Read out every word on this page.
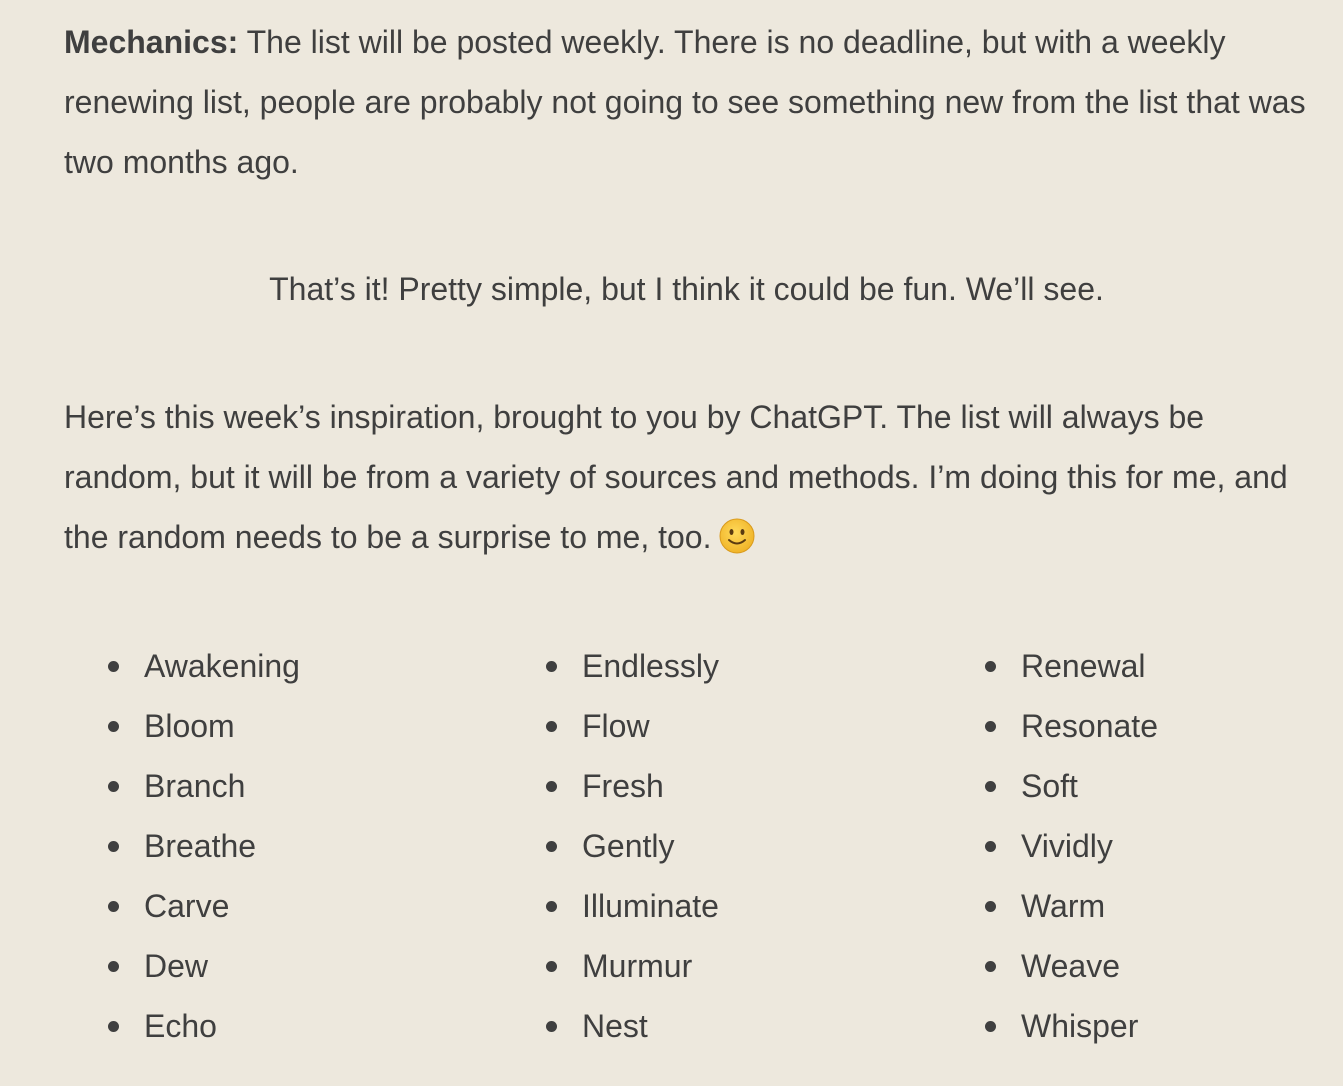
Mechanics: The list will be posted weekly. There is no deadline, but with a weekly renewing list, people are probably not going to see something new from the list that was two months ago.

That’s it! Pretty simple, but I think it could be fun. We’ll see.

Here’s this week’s inspiration, brought to you by ChatGPT. The list will always be random, but it will be from a variety of sources and methods. I’m doing this for me, and the random needs to be a surprise to me, too.

Awakening
Bloom
Branch
Breathe
Carve
Dew
Echo
Endlessly
Flow
Fresh
Gently
Illuminate
Murmur
Nest
Renewal
Resonate
Soft
Vividly
Warm
Weave
Whisper
